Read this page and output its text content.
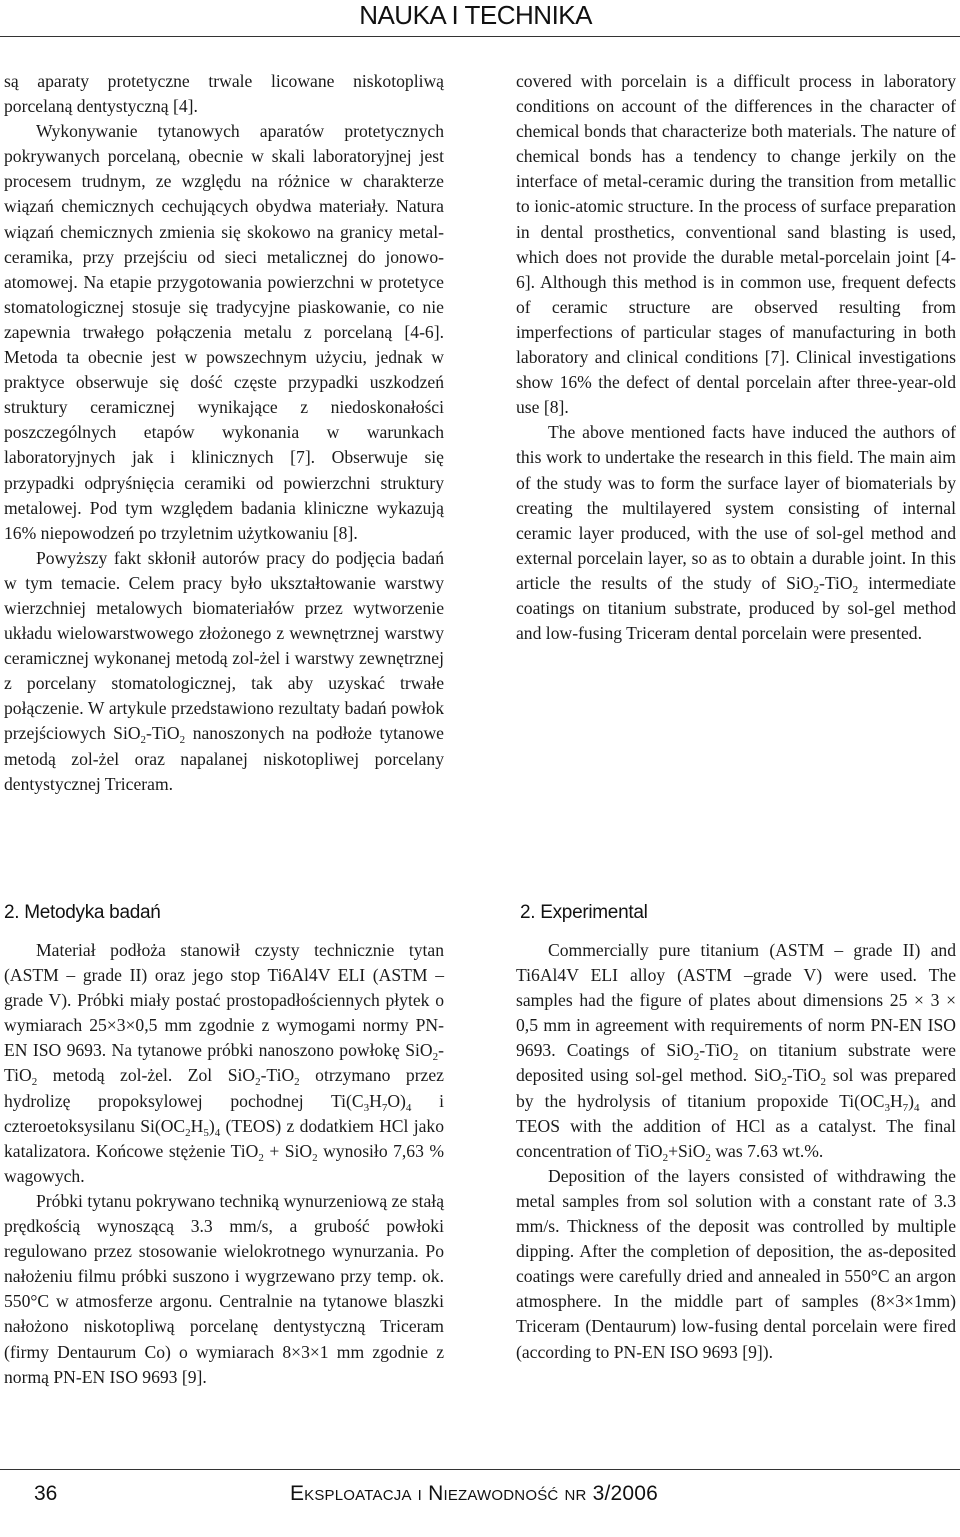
NAUKA I TECHNIKA

są aparaty protetyczne trwale licowane niskotopliwą porcelaną dentystyczną [4].

Wykonywanie tytanowych aparatów protetycznych pokrywanych porcelaną, obecnie w skali laboratoryjnej jest procesem trudnym, ze względu na różnice w charakterze wiązań chemicznych cechujących obydwa materiały. Natura wiązań chemicznych zmienia się skokowo na granicy metal-ceramika, przy przejściu od sieci metalicznej do jonowo-atomowej. Na etapie przygotowania powierzchni w protetyce stomatologicznej stosuje się tradycyjne piaskowanie, co nie zapewnia trwałego połączenia metalu z porcelaną [4-6]. Metoda ta obecnie jest w powszechnym użyciu, jednak w praktyce obserwuje się dość częste przypadki uszkodzeń struktury ceramicznej wynikające z niedoskonałości poszczególnych etapów wykonania w warunkach laboratoryjnych jak i klinicznych [7]. Obserwuje się przypadki odpryśnięcia ceramiki od powierzchni struktury metalowej. Pod tym względem badania kliniczne wykazują 16% niepowodzeń po trzyletnim użytkowaniu [8].

Powyższy fakt skłonił autorów pracy do podjęcia badań w tym temacie. Celem pracy było ukształtowanie warstwy wierzchniej metalowych biomateriałów przez wytworzenie układu wielowarstwowego złożonego z wewnętrznej warstwy ceramicznej wykonanej metodą zol-żel i warstwy zewnętrznej z porcelany stomatologicznej, tak aby uzyskać trwałe połączenie. W artykule przedstawiono rezultaty badań powłok przejściowych SiO$_2$-TiO$_2$ nanoszonych na podłoże tytanowe metodą zol-żel oraz napalanej niskotopliwej porcelany dentystycznej Triceram.

2. Metodyka badań

Materiał podłoża stanowił czysty technicznie tytan (ASTM – grade II) oraz jego stop Ti6Al4V ELI (ASTM – grade V). Próbki miały postać prostopadłościennych płytek o wymiarach 25×3×0,5 mm zgodnie z wymogami normy PN-EN ISO 9693. Na tytanowe próbki nanoszono powłokę SiO$_2$-TiO$_2$ metodą zol-żel. Zol SiO$_2$-TiO$_2$ otrzymano przez hydrolizę propoksylowej pochodnej $Ti(C_3H_7O)_4$ i czteroetoksysilanu $Si(OC_2H_5)_4$ (TEOS) z dodatkiem HCl jako katalizatora. Końcowe stężenie TiO$_2$ + SiO$_2$ wynosiło 7,63 % wagowych.

Próbki tytanu pokrywano techniką wynurzeniową ze stałą prędkością wynoszącą 3.3 mm/s, a grubość powłoki regulowano przez stosowanie wielokrotnego wynurzania. Po nałożeniu filmu próbki suszono i wygrzewano przy temp. ok. 550°C w atmosferze argonu. Centralnie na tytanowe blaszki nałożono niskotopliwą porcelanę dentystyczną Triceram (firmy Dentaurum Co) o wymiarach 8×3×1 mm zgodnie z normą PN-EN ISO 9693 [9].

covered with porcelain is a difficult process in laboratory conditions on account of the differences in the character of chemical bonds that characterize both materials. The nature of chemical bonds has a tendency to change jerkily on the interface of metal-ceramic during the transition from metallic to ionic-atomic structure. In the process of surface preparation in dental prosthetics, conventional sand blasting is used, which does not provide the durable metal-porcelain joint [4-6]. Although this method is in common use, frequent defects of ceramic structure are observed resulting from imperfections of particular stages of manufacturing in both laboratory and clinical conditions [7]. Clinical investigations show 16% the defect of dental porcelain after three-year-old use [8].

The above mentioned facts have induced the authors of this work to undertake the research in this field. The main aim of the study was to form the surface layer of biomaterials by creating the multilayered system consisting of internal ceramic layer produced, with the use of sol-gel method and external porcelain layer, so as to obtain a durable joint. In this article the results of the study of SiO$_2$-TiO$_2$ intermediate coatings on titanium substrate, produced by sol-gel method and low-fusing Triceram dental porcelain were presented.

2. Experimental

Commercially pure titanium (ASTM – grade II) and Ti6Al4V ELI alloy (ASTM –grade V) were used. The samples had the figure of plates about dimensions 25 × 3 × 0,5 mm in agreement with requirements of norm PN-EN ISO 9693. Coatings of SiO$_2$-TiO$_2$ on titanium substrate were deposited using sol-gel method. SiO$_2$-TiO$_2$ sol was prepared by the hydrolysis of titanium propoxide $Ti(OC_3H_7)_4$ and TEOS with the addition of HCl as a catalyst. The final concentration of TiO$_2$+SiO$_2$ was 7.63 wt.%.

Deposition of the layers consisted of withdrawing the metal samples from sol solution with a constant rate of 3.3 mm/s. Thickness of the deposit was controlled by multiple dipping. After the completion of deposition, the as-deposited coatings were carefully dried and annealed in 550°C an argon atmosphere. In the middle part of samples (8×3×1mm) Triceram (Dentaurum) low-fusing dental porcelain were fired (according to PN-EN ISO 9693 [9]).

36	Eksploatacja i Niezawodność nr 3/2006
